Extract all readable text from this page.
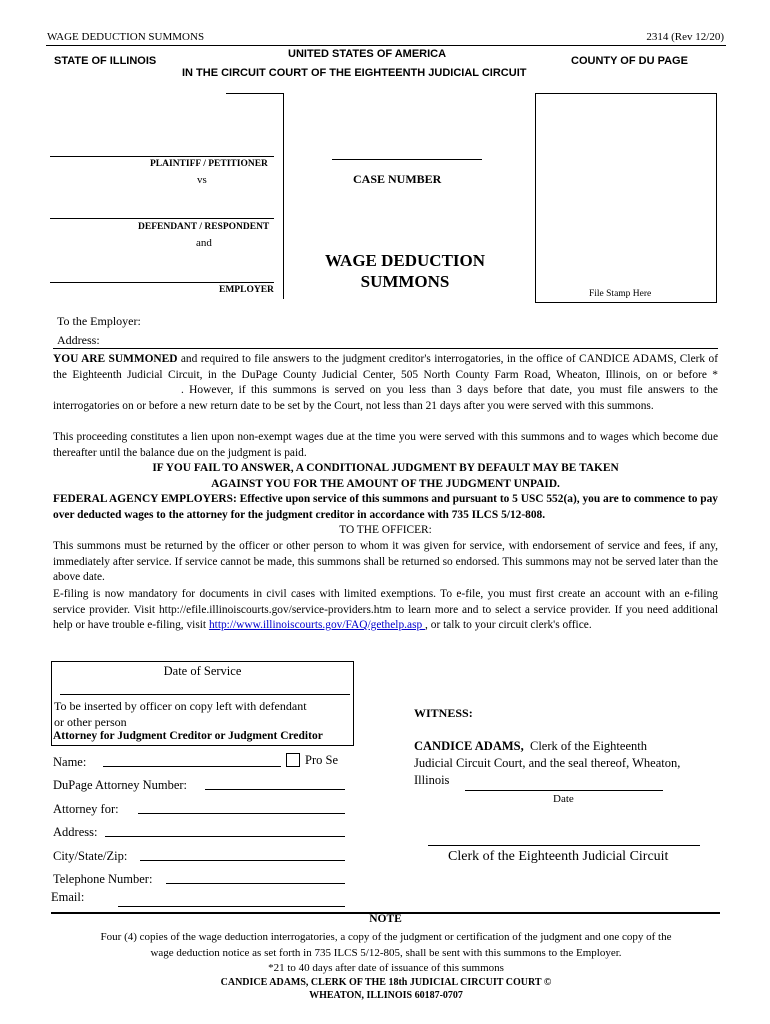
WAGE DEDUCTION SUMMONS	2314 (Rev 12/20)
STATE OF ILLINOIS
UNITED STATES OF AMERICA
COUNTY OF DU PAGE
IN THE CIRCUIT COURT OF THE EIGHTEENTH JUDICIAL CIRCUIT
PLAINTIFF / PETITIONER
vs
DEFENDANT / RESPONDENT
and
EMPLOYER
CASE NUMBER
WAGE DEDUCTION
SUMMONS
File Stamp Here
To the Employer:
Address:
YOU ARE SUMMONED and required to file answers to the judgment creditor's interrogatories, in the office of CANDICE ADAMS, Clerk of the Eighteenth Judicial Circuit, in the DuPage County Judicial Center, 505 North County Farm Road, Wheaton, Illinois, on or before *. However, if this summons is served on you less than 3 days before that date, you must file answers to the interrogatories on or before a new return date to be set by the Court, not less than 21 days after you were served with this summons.
This proceeding constitutes a lien upon non-exempt wages due at the time you were served with this summons and to wages which become due thereafter until the balance due on the judgment is paid.
IF YOU FAIL TO ANSWER, A CONDITIONAL JUDGMENT BY DEFAULT MAY BE TAKEN
AGAINST YOU FOR THE AMOUNT OF THE JUDGMENT UNPAID.
FEDERAL AGENCY EMPLOYERS: Effective upon service of this summons and pursuant to 5 USC 552(a), you are to commence to pay over deducted wages to the attorney for the judgment creditor in accordance with 735 ILCS 5/12-808.
TO THE OFFICER:
This summons must be returned by the officer or other person to whom it was given for service, with endorsement of service and fees, if any, immediately after service. If service cannot be made, this summons shall be returned so endorsed. This summons may not be served later than the above date.
E-filing is now mandatory for documents in civil cases with limited exemptions. To e-file, you must first create an account with an e-filing service provider. Visit http://efile.illinoiscourts.gov/service-providers.htm to learn more and to select a service provider. If you need additional help or have trouble e-filing, visit http://www.illinoiscourts.gov/FAQ/gethelp.asp , or talk to your circuit clerk's office.
Date of Service
To be inserted by officer on copy left with defendant
or other person
Attorney for Judgment Creditor or Judgment Creditor
Name:	Pro Se
DuPage Attorney Number:
Attorney for:
Address:
City/State/Zip:
Telephone Number:
Email:
WITNESS:
CANDICE ADAMS, Clerk of the Eighteenth
Judicial Circuit Court, and the seal thereof, Wheaton,
Illinois
Date
Clerk of the Eighteenth Judicial Circuit
NOTE
Four (4) copies of the wage deduction interrogatories, a copy of the judgment or certification of the judgment and one copy of the
wage deduction notice as set forth in 735 ILCS 5/12-805, shall be sent with this summons to the Employer.
*21 to 40 days after date of issuance of this summons
CANDICE ADAMS, CLERK OF THE 18th JUDICIAL CIRCUIT COURT ©
WHEATON, ILLINOIS 60187-0707
